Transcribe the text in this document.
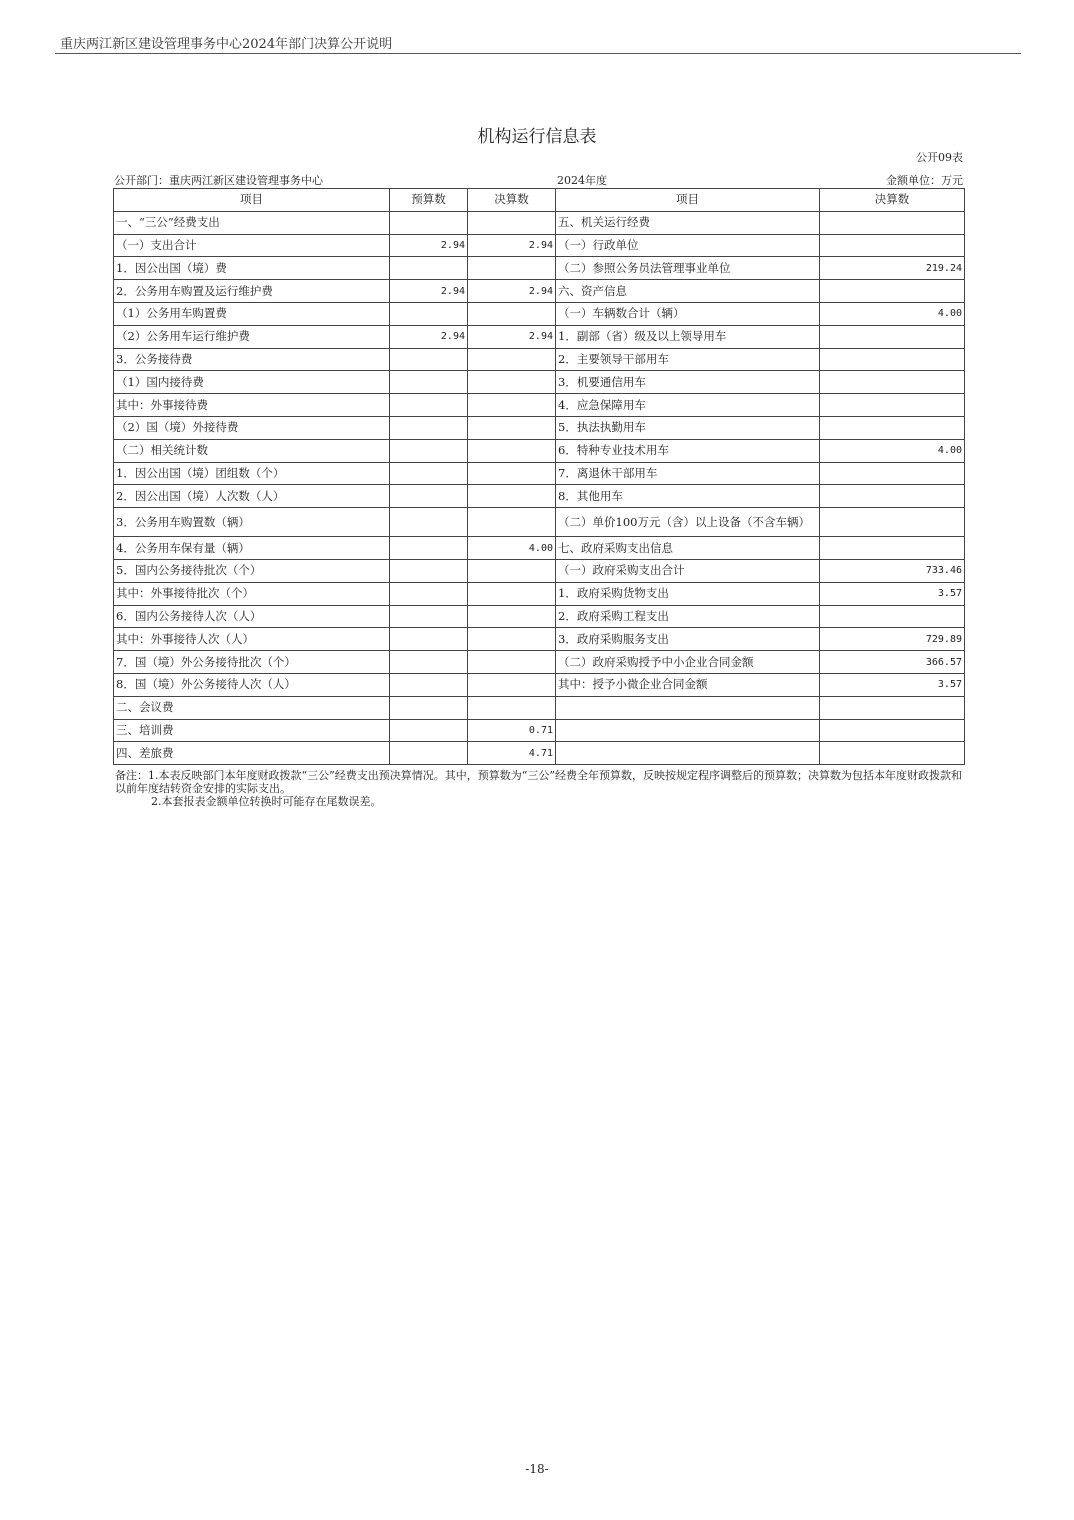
重庆两江新区建设管理事务中心2024年部门决算公开说明
机构运行信息表
公开09表
公开部门：重庆两江新区建设管理事务中心	2024年度	金额单位：万元
项目	预算数	决算数	项目	决算数
一、“三公”经费支出			五、机关运行经费	
（一）支出合计	2.94	2.94	（一）行政单位	
1．因公出国（境）费			（二）参照公务员法管理事业单位	219.24
2．公务用车购置及运行维护费	2.94	2.94	六、资产信息	
（1）公务用车购置费			（一）车辆数合计（辆）	4.00
（2）公务用车运行维护费	2.94	2.94	1．副部（省）级及以上领导用车	
3．公务接待费			2．主要领导干部用车	
（1）国内接待费			3．机要通信用车	
其中：外事接待费			4．应急保障用车	
（2）国（境）外接待费			5．执法执勤用车	
（二）相关统计数			6．特种专业技术用车	4.00
1．因公出国（境）团组数（个）			7．离退休干部用车	
2．因公出国（境）人次数（人）			8．其他用车	
3．公务用车购置数（辆）			（二）单价100万元（含）以上设备（不含车辆）	
4．公务用车保有量（辆）		4.00	七、政府采购支出信息	
5．国内公务接待批次（个）			（一）政府采购支出合计	733.46
其中：外事接待批次（个）			1．政府采购货物支出	3.57
6．国内公务接待人次（人）			2．政府采购工程支出	
其中：外事接待人次（人）			3．政府采购服务支出	729.89
7．国（境）外公务接待批次（个）			（二）政府采购授予中小企业合同金额	366.57
8．国（境）外公务接待人次（人）			其中：授予小微企业合同金额	3.57
二、会议费				
三、培训费		0.71		
四、差旅费		4.71		

备注：1.本表反映部门本年度财政拨款“三公”经费支出预决算情况。其中，预算数为“三公”经费全年预算数，反映按规定程序调整后的预算数；决算数为包括本年度财政拨款和以前年度结转资金安排的实际支出。

2.本套报表金额单位转换时可能存在尾数误差。

-18-
